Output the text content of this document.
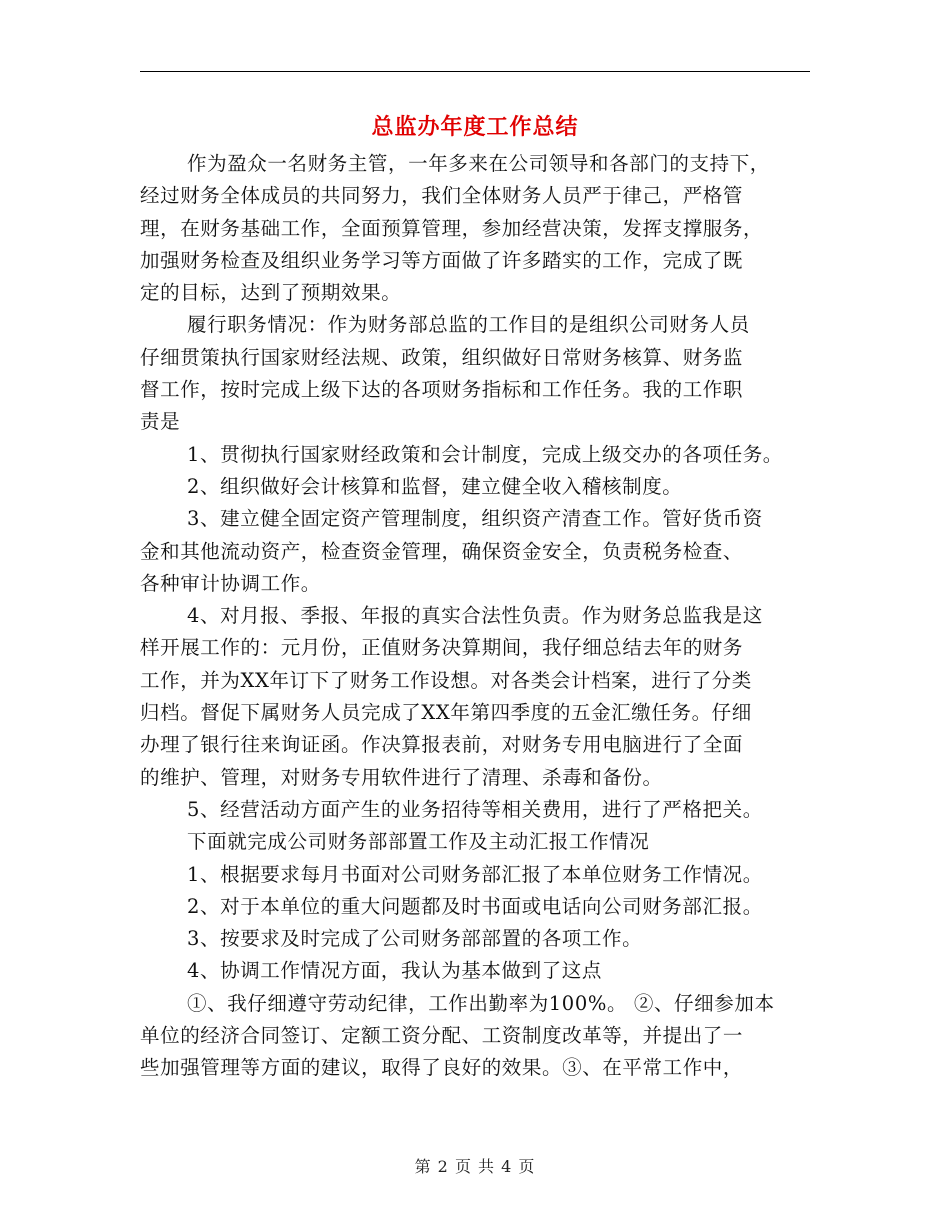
总监办年度工作总结
作为盈众一名财务主管，一年多来在公司领导和各部门的支持下，
经过财务全体成员的共同努力，我们全体财务人员严于律己，严格管
理，在财务基础工作，全面预算管理，参加经营决策，发挥支撑服务，
加强财务检查及组织业务学习等方面做了许多踏实的工作，完成了既
定的目标，达到了预期效果。
履行职务情况：作为财务部总监的工作目的是组织公司财务人员
仔细贯策执行国家财经法规、政策，组织做好日常财务核算、财务监
督工作，按时完成上级下达的各项财务指标和工作任务。我的工作职
责是
1、贯彻执行国家财经政策和会计制度，完成上级交办的各项任务。
2、组织做好会计核算和监督，建立健全收入稽核制度。
3、建立健全固定资产管理制度，组织资产清查工作。管好货币资
金和其他流动资产，检查资金管理，确保资金安全，负责税务检查、
各种审计协调工作。
4、对月报、季报、年报的真实合法性负责。作为财务总监我是这
样开展工作的：元月份，正值财务决算期间，我仔细总结去年的财务
工作，并为XX年订下了财务工作设想。对各类会计档案，进行了分类
归档。督促下属财务人员完成了XX年第四季度的五金汇缴任务。仔细
办理了银行往来询证函。作决算报表前，对财务专用电脑进行了全面
的维护、管理，对财务专用软件进行了清理、杀毒和备份。
5、经营活动方面产生的业务招待等相关费用，进行了严格把关。
下面就完成公司财务部部置工作及主动汇报工作情况
1、根据要求每月书面对公司财务部汇报了本单位财务工作情况。
2、对于本单位的重大问题都及时书面或电话向公司财务部汇报。
3、按要求及时完成了公司财务部部置的各项工作。
4、协调工作情况方面，我认为基本做到了这点
①、我仔细遵守劳动纪律，工作出勤率为100%。 ②、仔细参加本
单位的经济合同签订、定额工资分配、工资制度改革等，并提出了一
些加强管理等方面的建议，取得了良好的效果。③、在平常工作中，
第 2 页 共 4 页
